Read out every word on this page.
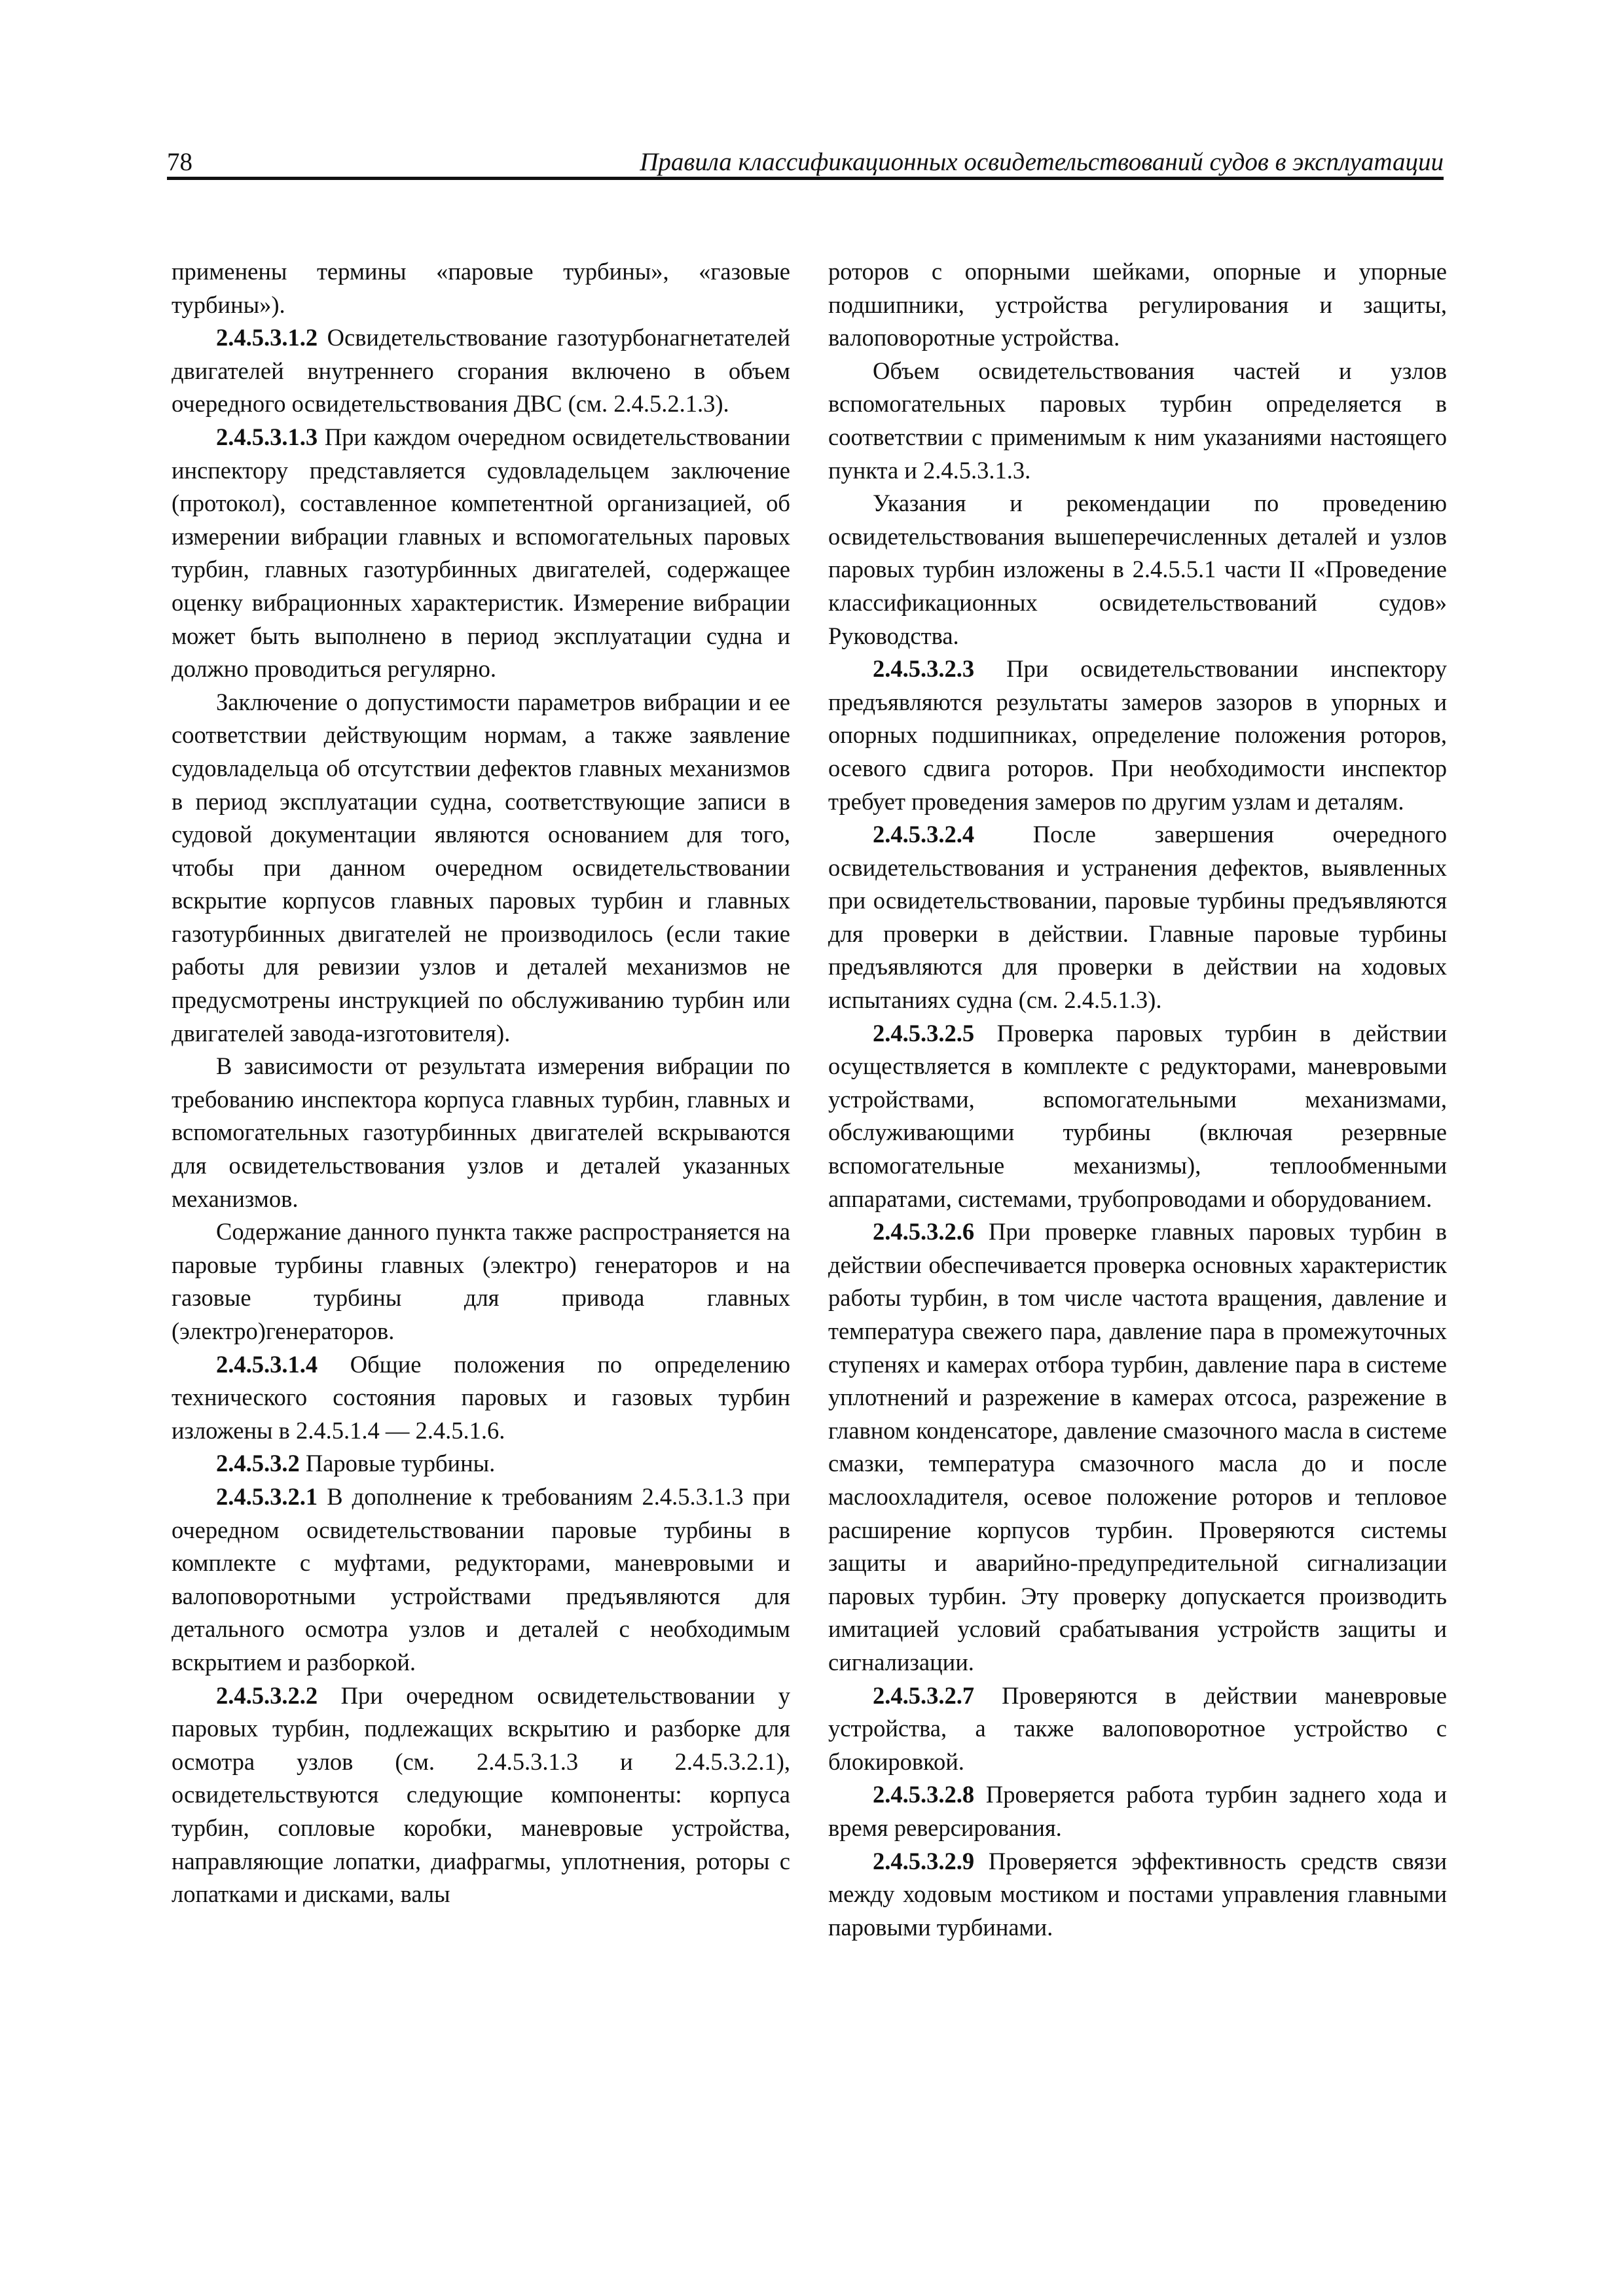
78	Правила классификационных освидетельствований судов в эксплуатации

применены термины «паровые турбины», «газовые турбины»).

2.4.5.3.1.2 Освидетельствование газотурбонагнетателей двигателей внутреннего сгорания включено в объем очередного освидетельствования ДВС (см. 2.4.5.2.1.3).

2.4.5.3.1.3 При каждом очередном освидетельствовании инспектору представляется судовладельцем заключение (протокол), составленное компетентной организацией, об измерении вибрации главных и вспомогательных паровых турбин, главных газотурбинных двигателей, содержащее оценку вибрационных характеристик. Измерение вибрации может быть выполнено в период эксплуатации судна и должно проводиться регулярно.

Заключение о допустимости параметров вибрации и ее соответствии действующим нормам, а также заявление судовладельца об отсутствии дефектов главных механизмов в период эксплуатации судна, соответствующие записи в судовой документации являются основанием для того, чтобы при данном очередном освидетельствовании вскрытие корпусов главных паровых турбин и главных газотурбинных двигателей не производилось (если такие работы для ревизии узлов и деталей механизмов не предусмотрены инструкцией по обслуживанию турбин или двигателей завода-изготовителя).

В зависимости от результата измерения вибрации по требованию инспектора корпуса главных турбин, главных и вспомогательных газотурбинных двигателей вскрываются для освидетельствования узлов и деталей указанных механизмов.

Содержание данного пункта также распространяется на паровые турбины главных (электро) генераторов и на газовые турбины для привода главных (электро)генераторов.

2.4.5.3.1.4 Общие положения по определению технического состояния паровых и газовых турбин изложены в 2.4.5.1.4 — 2.4.5.1.6.

2.4.5.3.2 Паровые турбины.

2.4.5.3.2.1 В дополнение к требованиям 2.4.5.3.1.3 при очередном освидетельствовании паровые турбины в комплекте с муфтами, редукторами, маневровыми и валоповоротными устройствами предъявляются для детального осмотра узлов и деталей с необходимым вскрытием и разборкой.

2.4.5.3.2.2 При очередном освидетельствовании у паровых турбин, подлежащих вскрытию и разборке для осмотра узлов (см. 2.4.5.3.1.3 и 2.4.5.3.2.1), освидетельствуются следующие компоненты: корпуса турбин, сопловые коробки, маневровые устройства, направляющие лопатки, диафрагмы, уплотнения, роторы с лопатками и дисками, валы

роторов с опорными шейками, опорные и упорные подшипники, устройства регулирования и защиты, валоповоротные устройства.

Объем освидетельствования частей и узлов вспомогательных паровых турбин определяется в соответствии с применимым к ним указаниями настоящего пункта и 2.4.5.3.1.3.

Указания и рекомендации по проведению освидетельствования вышеперечисленных деталей и узлов паровых турбин изложены в 2.4.5.5.1 части II «Проведение классификационных освидетельствований судов» Руководства.

2.4.5.3.2.3 При освидетельствовании инспектору предъявляются результаты замеров зазоров в упорных и опорных подшипниках, определение положения роторов, осевого сдвига роторов. При необходимости инспектор требует проведения замеров по другим узлам и деталям.

2.4.5.3.2.4 После завершения очередного освидетельствования и устранения дефектов, выявленных при освидетельствовании, паровые турбины предъявляются для проверки в действии. Главные паровые турбины предъявляются для проверки в действии на ходовых испытаниях судна (см. 2.4.5.1.3).

2.4.5.3.2.5 Проверка паровых турбин в действии осуществляется в комплекте с редукторами, маневровыми устройствами, вспомогательными механизмами, обслуживающими турбины (включая резервные вспомогательные механизмы), теплообменными аппаратами, системами, трубопроводами и оборудованием.

2.4.5.3.2.6 При проверке главных паровых турбин в действии обеспечивается проверка основных характеристик работы турбин, в том числе частота вращения, давление и температура свежего пара, давление пара в промежуточных ступенях и камерах отбора турбин, давление пара в системе уплотнений и разрежение в камерах отсоса, разрежение в главном конденсаторе, давление смазочного масла в системе смазки, температура смазочного масла до и после маслоохладителя, осевое положение роторов и тепловое расширение корпусов турбин. Проверяются системы защиты и аварийно-предупредительной сигнализации паровых турбин. Эту проверку допускается производить имитацией условий срабатывания устройств защиты и сигнализации.

2.4.5.3.2.7 Проверяются в действии маневровые устройства, а также валоповоротное устройство с блокировкой.

2.4.5.3.2.8 Проверяется работа турбин заднего хода и время реверсирования.

2.4.5.3.2.9 Проверяется эффективность средств связи между ходовым мостиком и постами управления главными паровыми турбинами.
